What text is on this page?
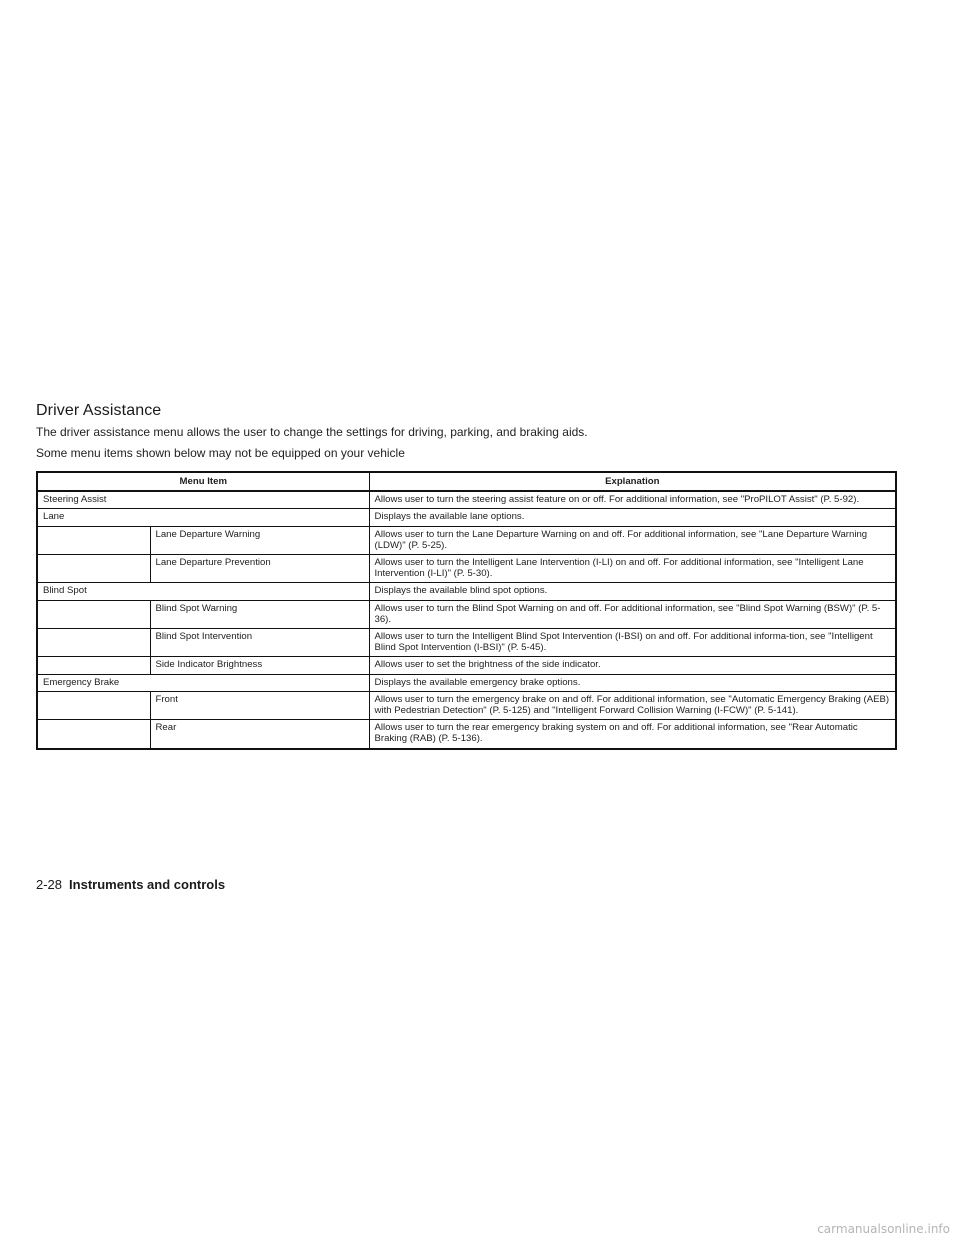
Driver Assistance

The driver assistance menu allows the user to change the settings for driving, parking, and braking aids.

Some menu items shown below may not be equipped on your vehicle

Menu Item		Explanation
Steering Assist		Allows user to turn the steering assist feature on or off. For additional information, see "ProPILOT Assist" (P. 5-92).
Lane		Displays the available lane options.
	Lane Departure Warning	Allows user to turn the Lane Departure Warning on and off. For additional information, see "Lane Departure Warning (LDW)" (P. 5-25).
	Lane Departure Prevention	Allows user to turn the Intelligent Lane Intervention (I-LI) on and off. For additional information, see "Intelligent Lane Intervention (I-LI)" (P. 5-30).
Blind Spot		Displays the available blind spot options.
	Blind Spot Warning	Allows user to turn the Blind Spot Warning on and off. For additional information, see "Blind Spot Warning (BSW)" (P. 5-36).
	Blind Spot Intervention	Allows user to turn the Intelligent Blind Spot Intervention (I-BSI) on and off. For additional informa-tion, see "Intelligent Blind Spot Intervention (I-BSI)" (P. 5-45).
	Side Indicator Brightness	Allows user to set the brightness of the side indicator.
Emergency Brake		Displays the available emergency brake options.
	Front	Allows user to turn the emergency brake on and off. For additional information, see "Automatic Emergency Braking (AEB) with Pedestrian Detection" (P. 5-125) and "Intelligent Forward Collision Warning (I-FCW)" (P. 5-141).
	Rear	Allows user to turn the rear emergency braking system on and off. For additional information, see "Rear Automatic Braking (RAB) (P. 5-136).
2-28 Instruments and controls
carmanualsonline.info
